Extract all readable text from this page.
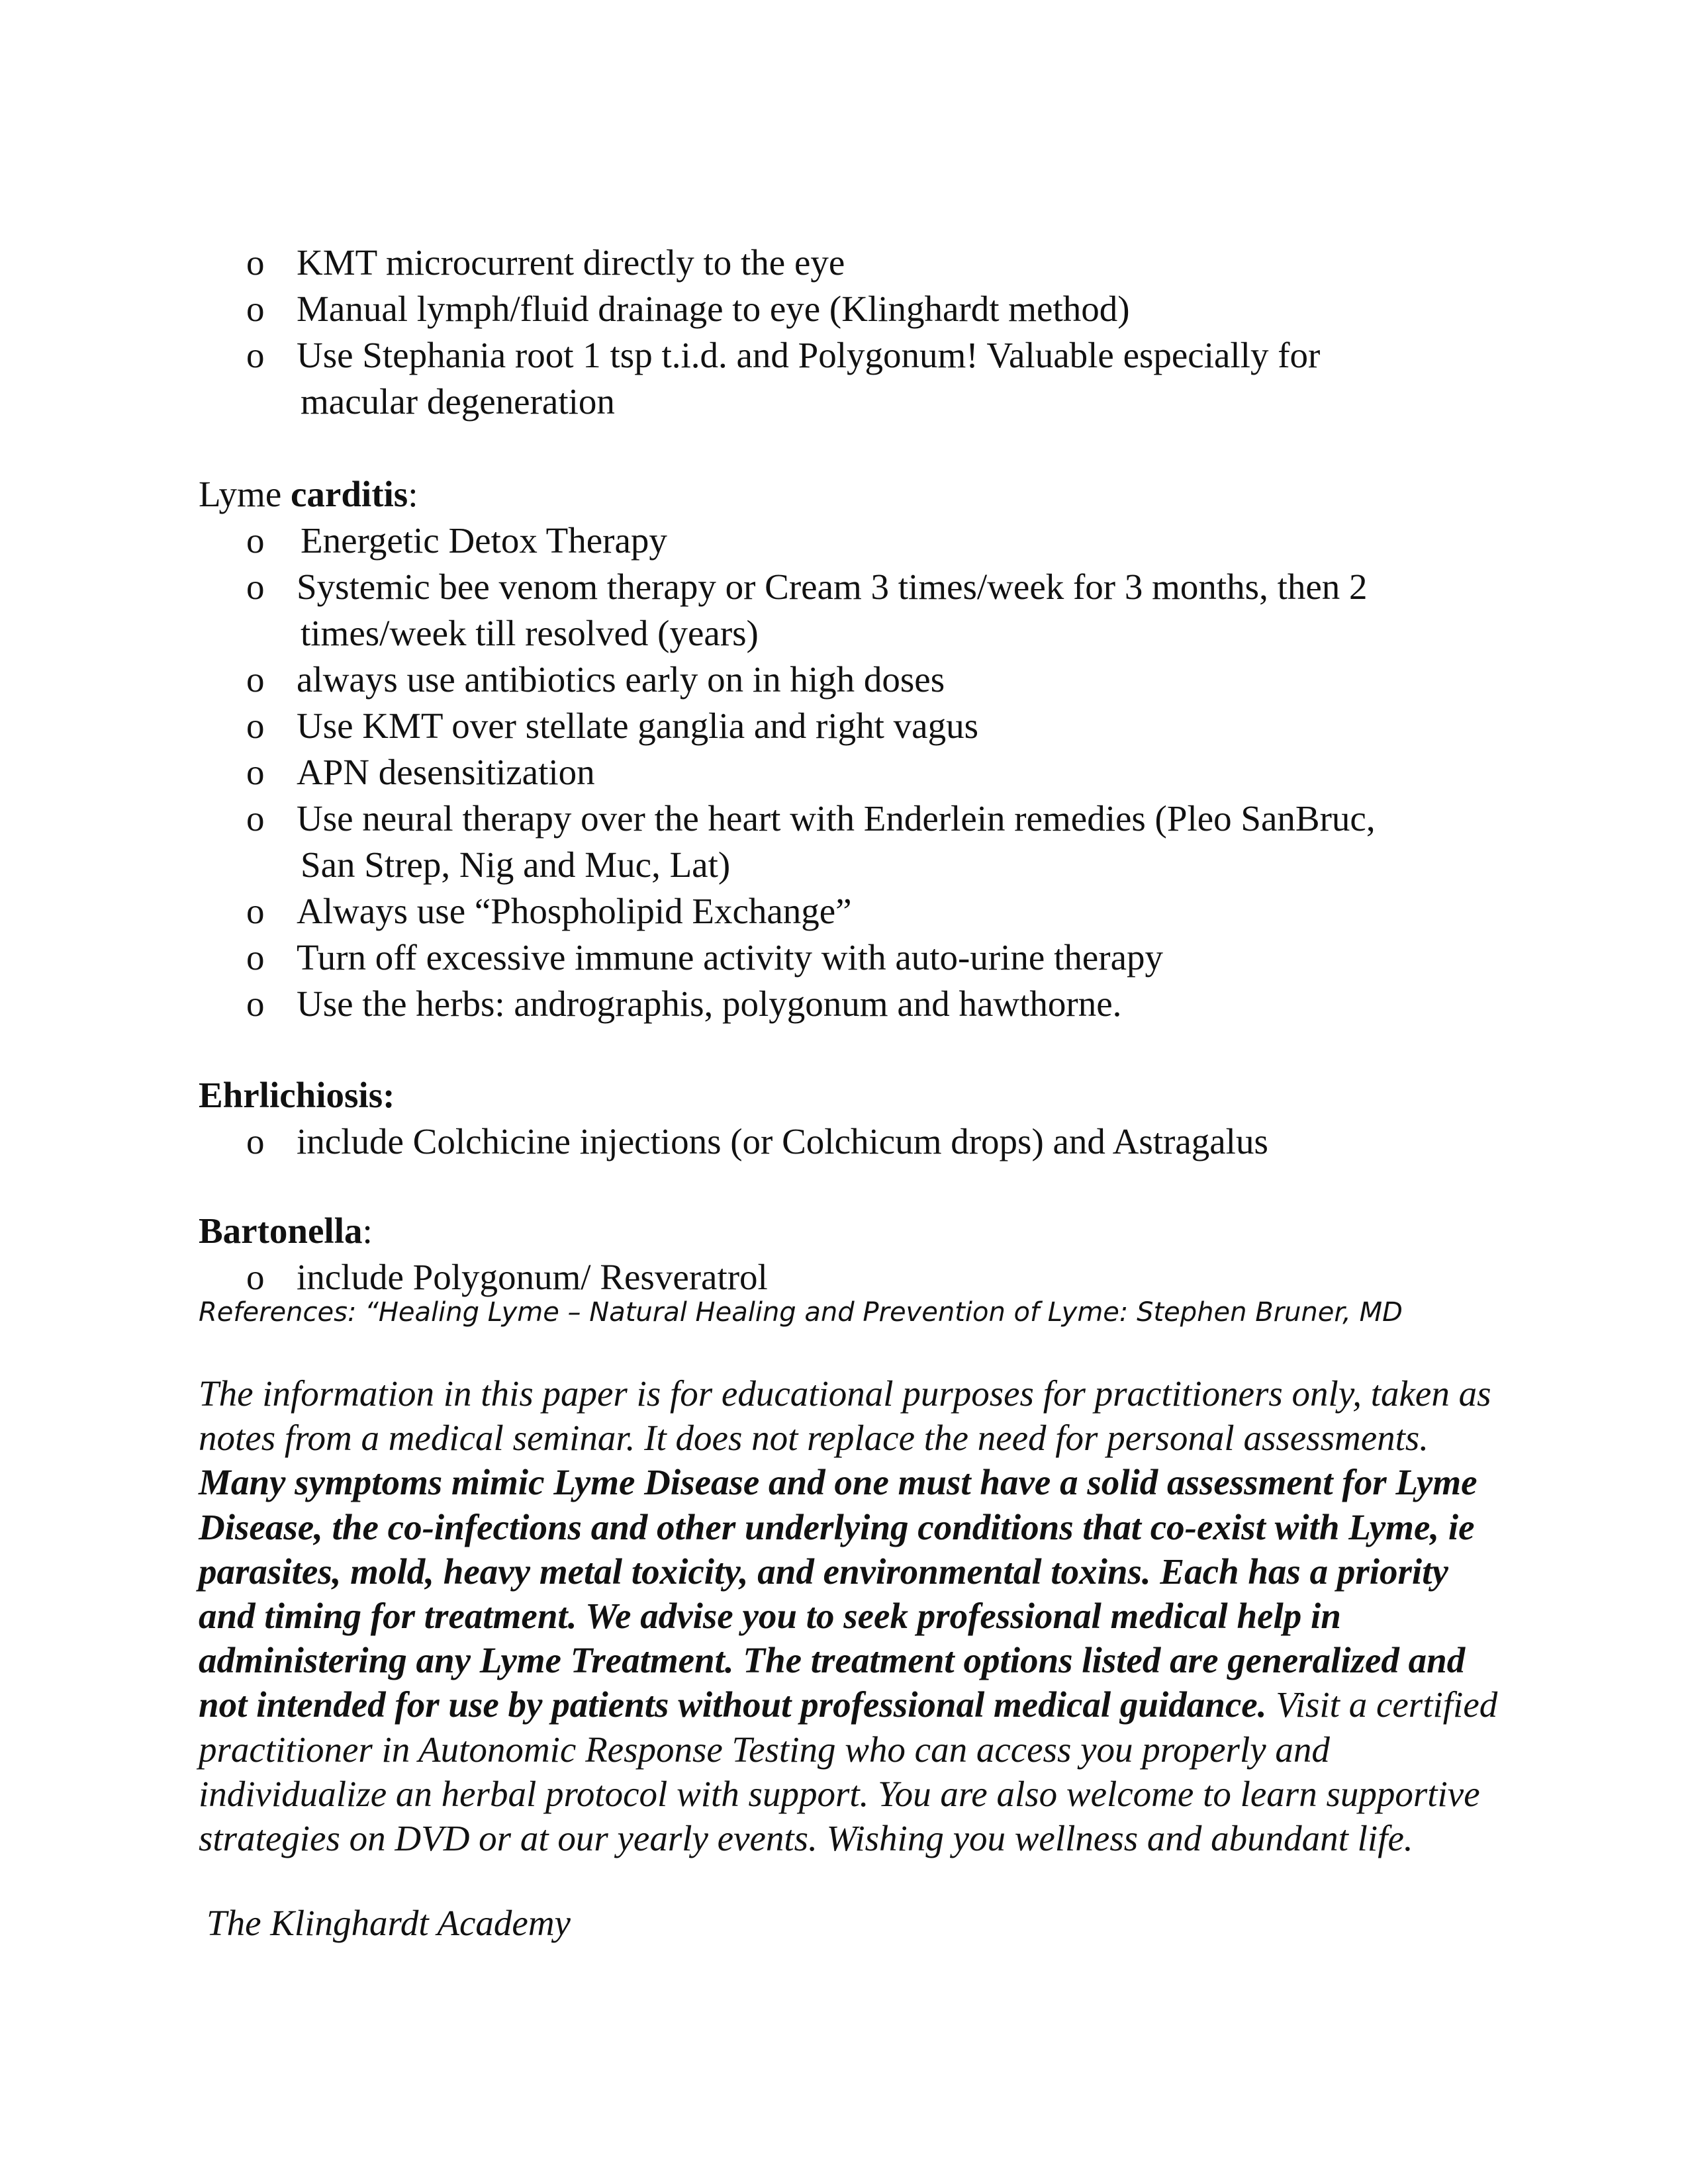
o KMT microcurrent directly to the eye
o Manual lymph/fluid drainage to eye (Klinghardt method)
o Use Stephania root 1 tsp t.i.d. and Polygonum! Valuable especially for
macular degeneration
Lyme carditis:
o Energetic Detox Therapy
o Systemic bee venom therapy or Cream 3 times/week for 3 months, then 2
times/week till resolved (years)
o always use antibiotics early on in high doses
o Use KMT over stellate ganglia and right vagus
o APN desensitization
o Use neural therapy over the heart with Enderlein remedies (Pleo SanBruc,
San Strep, Nig and Muc, Lat)
o Always use “Phospholipid Exchange”
o Turn off excessive immune activity with auto-urine therapy
o Use the herbs: andrographis, polygonum and hawthorne.
Ehrlichiosis:
o include Colchicine injections (or Colchicum drops) and Astragalus
Bartonella:
o include Polygonum/ Resveratrol
References: “Healing Lyme – Natural Healing and Prevention of Lyme: Stephen Bruner, MD

The information in this paper is for educational purposes for practitioners only, taken as notes from a medical seminar. It does not replace the need for personal assessments. Many symptoms mimic Lyme Disease and one must have a solid assessment for Lyme Disease, the co-infections and other underlying conditions that co-exist with Lyme, ie parasites, mold, heavy metal toxicity, and environmental toxins. Each has a priority and timing for treatment. We advise you to seek professional medical help in administering any Lyme Treatment. The treatment options listed are generalized and not intended for use by patients without professional medical guidance. Visit a certified practitioner in Autonomic Response Testing who can access you properly and individualize an herbal protocol with support. You are also welcome to learn supportive strategies on DVD or at our yearly events. Wishing you wellness and abundant life.

The Klinghardt Academy
